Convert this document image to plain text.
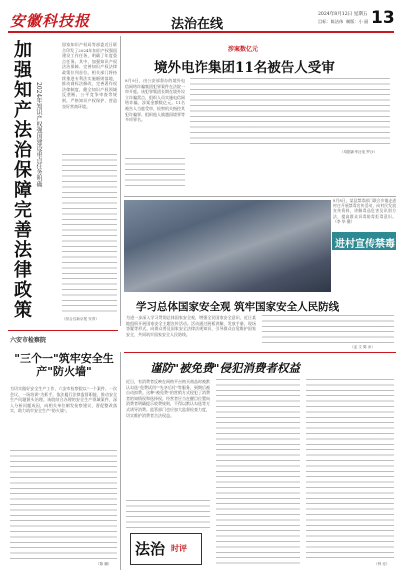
安徽科技报	法治在线
2024年8月12日 星期五
目标：陈洁伟 制版：小 丽 13
加强知产法治保障完善法律政策 2024年知识产权强国建设重点任务明确
国家知识产权局等部委近日联合印发了2024年知识产权强国建设工作任务，明确了年度重点任务。其中，加强知识产权法治保障、完善知识产权法律政策位列首位。相关部门将持续推进专利法实施细则落地，推动商标法修改，完善著作权法律制度，健全知识产权领域反垄断、公平竞争审查等规则，严格知识产权保护，营造良好营商环境。
（综合自新京报 安青）
涉案数亿元
境外电诈集团11名被告人受审
8月9日，由公安部督办的境外电信网络诈骗集团犯罪案件在法院一审开庭。该犯罪集团长期在境外设立诈骗窝点，组织人员实施电信网络诈骗，涉案金额数亿元。11名被告人当庭受审，检察机关指控其犯诈骗罪、组织他人偷越国境罪等多项罪名。
（均据新华社电 罗沙）
8月8日，某县禁毒部门联合乡镇走进村庄开展禁毒宣传活动，向村民发放宣传资料，讲解毒品危害及识别方法，提高群众识毒防毒拒毒意识。（李 华 摄）
进村宣传禁毒
学习总体国家安全观 筑牢国家安全人民防线
为进一步深入学习贯彻总体国家安全观，增强全民国家安全意识，近日某地组织开展国家安全主题宣传活动。活动通过展板讲解、发放手册、现场答疑等形式，向群众普及国家安全法律法规知识，引导群众自觉维护国家安全，共同筑牢国家安全人民防线。
（孟 文 陈 冰）
六安市检察院
"三个一"筑牢安全生产"防火墙"
为切实做好安全生产工作，六安市检察院以"一个案件、一次会议、一场培训"为抓手，依法履行法律监督职能，推动安全生产问题源头治理。该院结合办理的安全生产领域案件，深入分析问题成因，向相关单位制发检察建议，督促整改落实，助力筑牢安全生产"防火墙"。
（陈 鹏）
谨防"被免费"侵犯消费者权益
近日，有消费者反映在网购平台购买商品时被默认勾选"免费试用""先享后付"等服务，到期后被自动扣费。这种"被免费"的营销方式侵犯了消费者的知情权和选择权。经营者应当在醒目位置向消费者明确提示收费规则，不得以默认勾选等方式诱导消费。监管部门也应加大监督检查力度，切实维护消费者合法权益。
法治 时评
（钟 亦）
